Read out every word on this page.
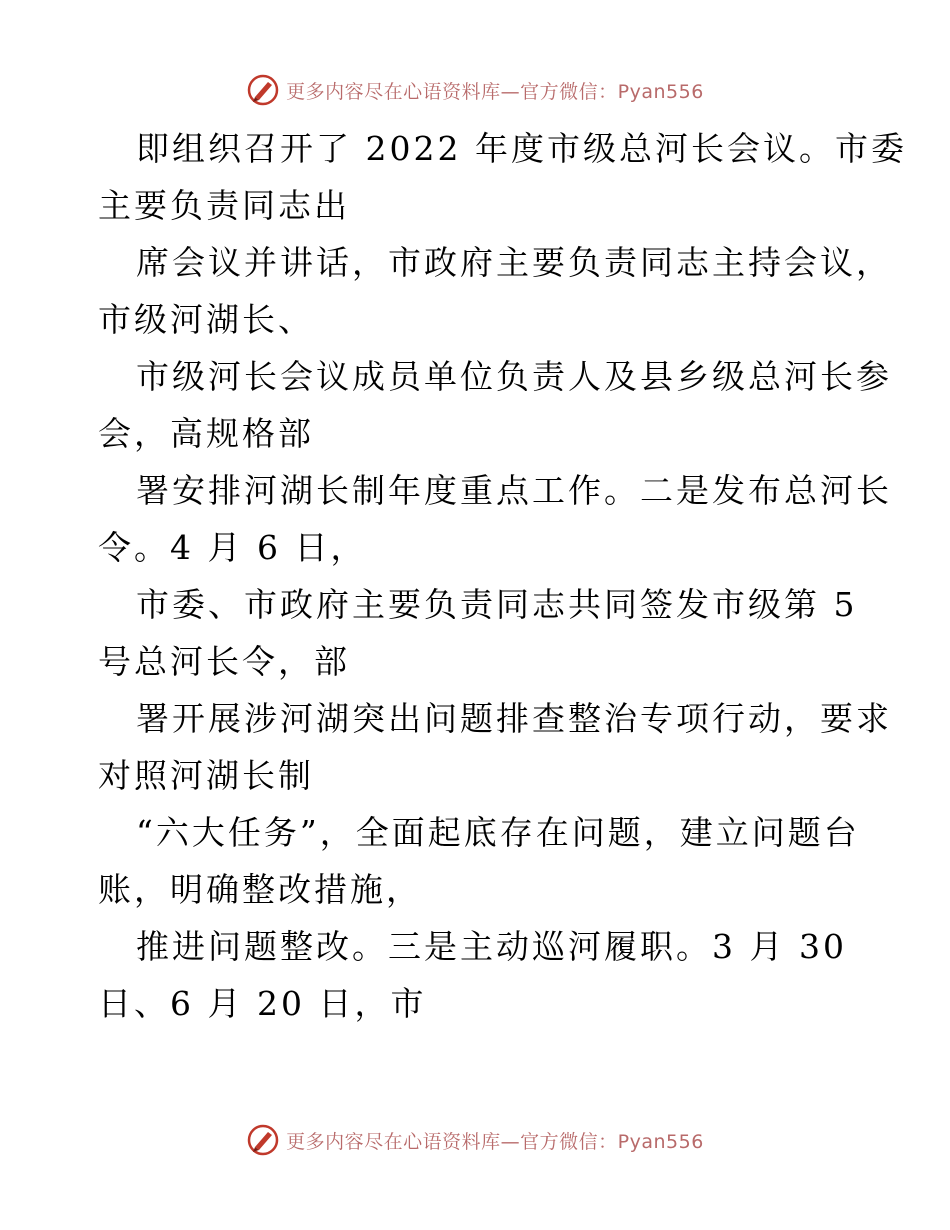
更多内容尽在心语资料库—官方微信：Pyan556

即组织召开了 2022 年度市级总河长会议。市委
主要负责同志出

席会议并讲话，市政府主要负责同志主持会议，
市级河湖长、

市级河长会议成员单位负责人及县乡级总河长参
会，高规格部

署安排河湖长制年度重点工作。二是发布总河长
令。4 月 6 日，

市委、市政府主要负责同志共同签发市级第 5
号总河长令，部

署开展涉河湖突出问题排查整治专项行动，要求
对照河湖长制

“六大任务”，全面起底存在问题，建立问题台
账，明确整改措施，

推进问题整改。三是主动巡河履职。3 月 30
日、6 月 20 日，市

更多内容尽在心语资料库—官方微信：Pyan556
